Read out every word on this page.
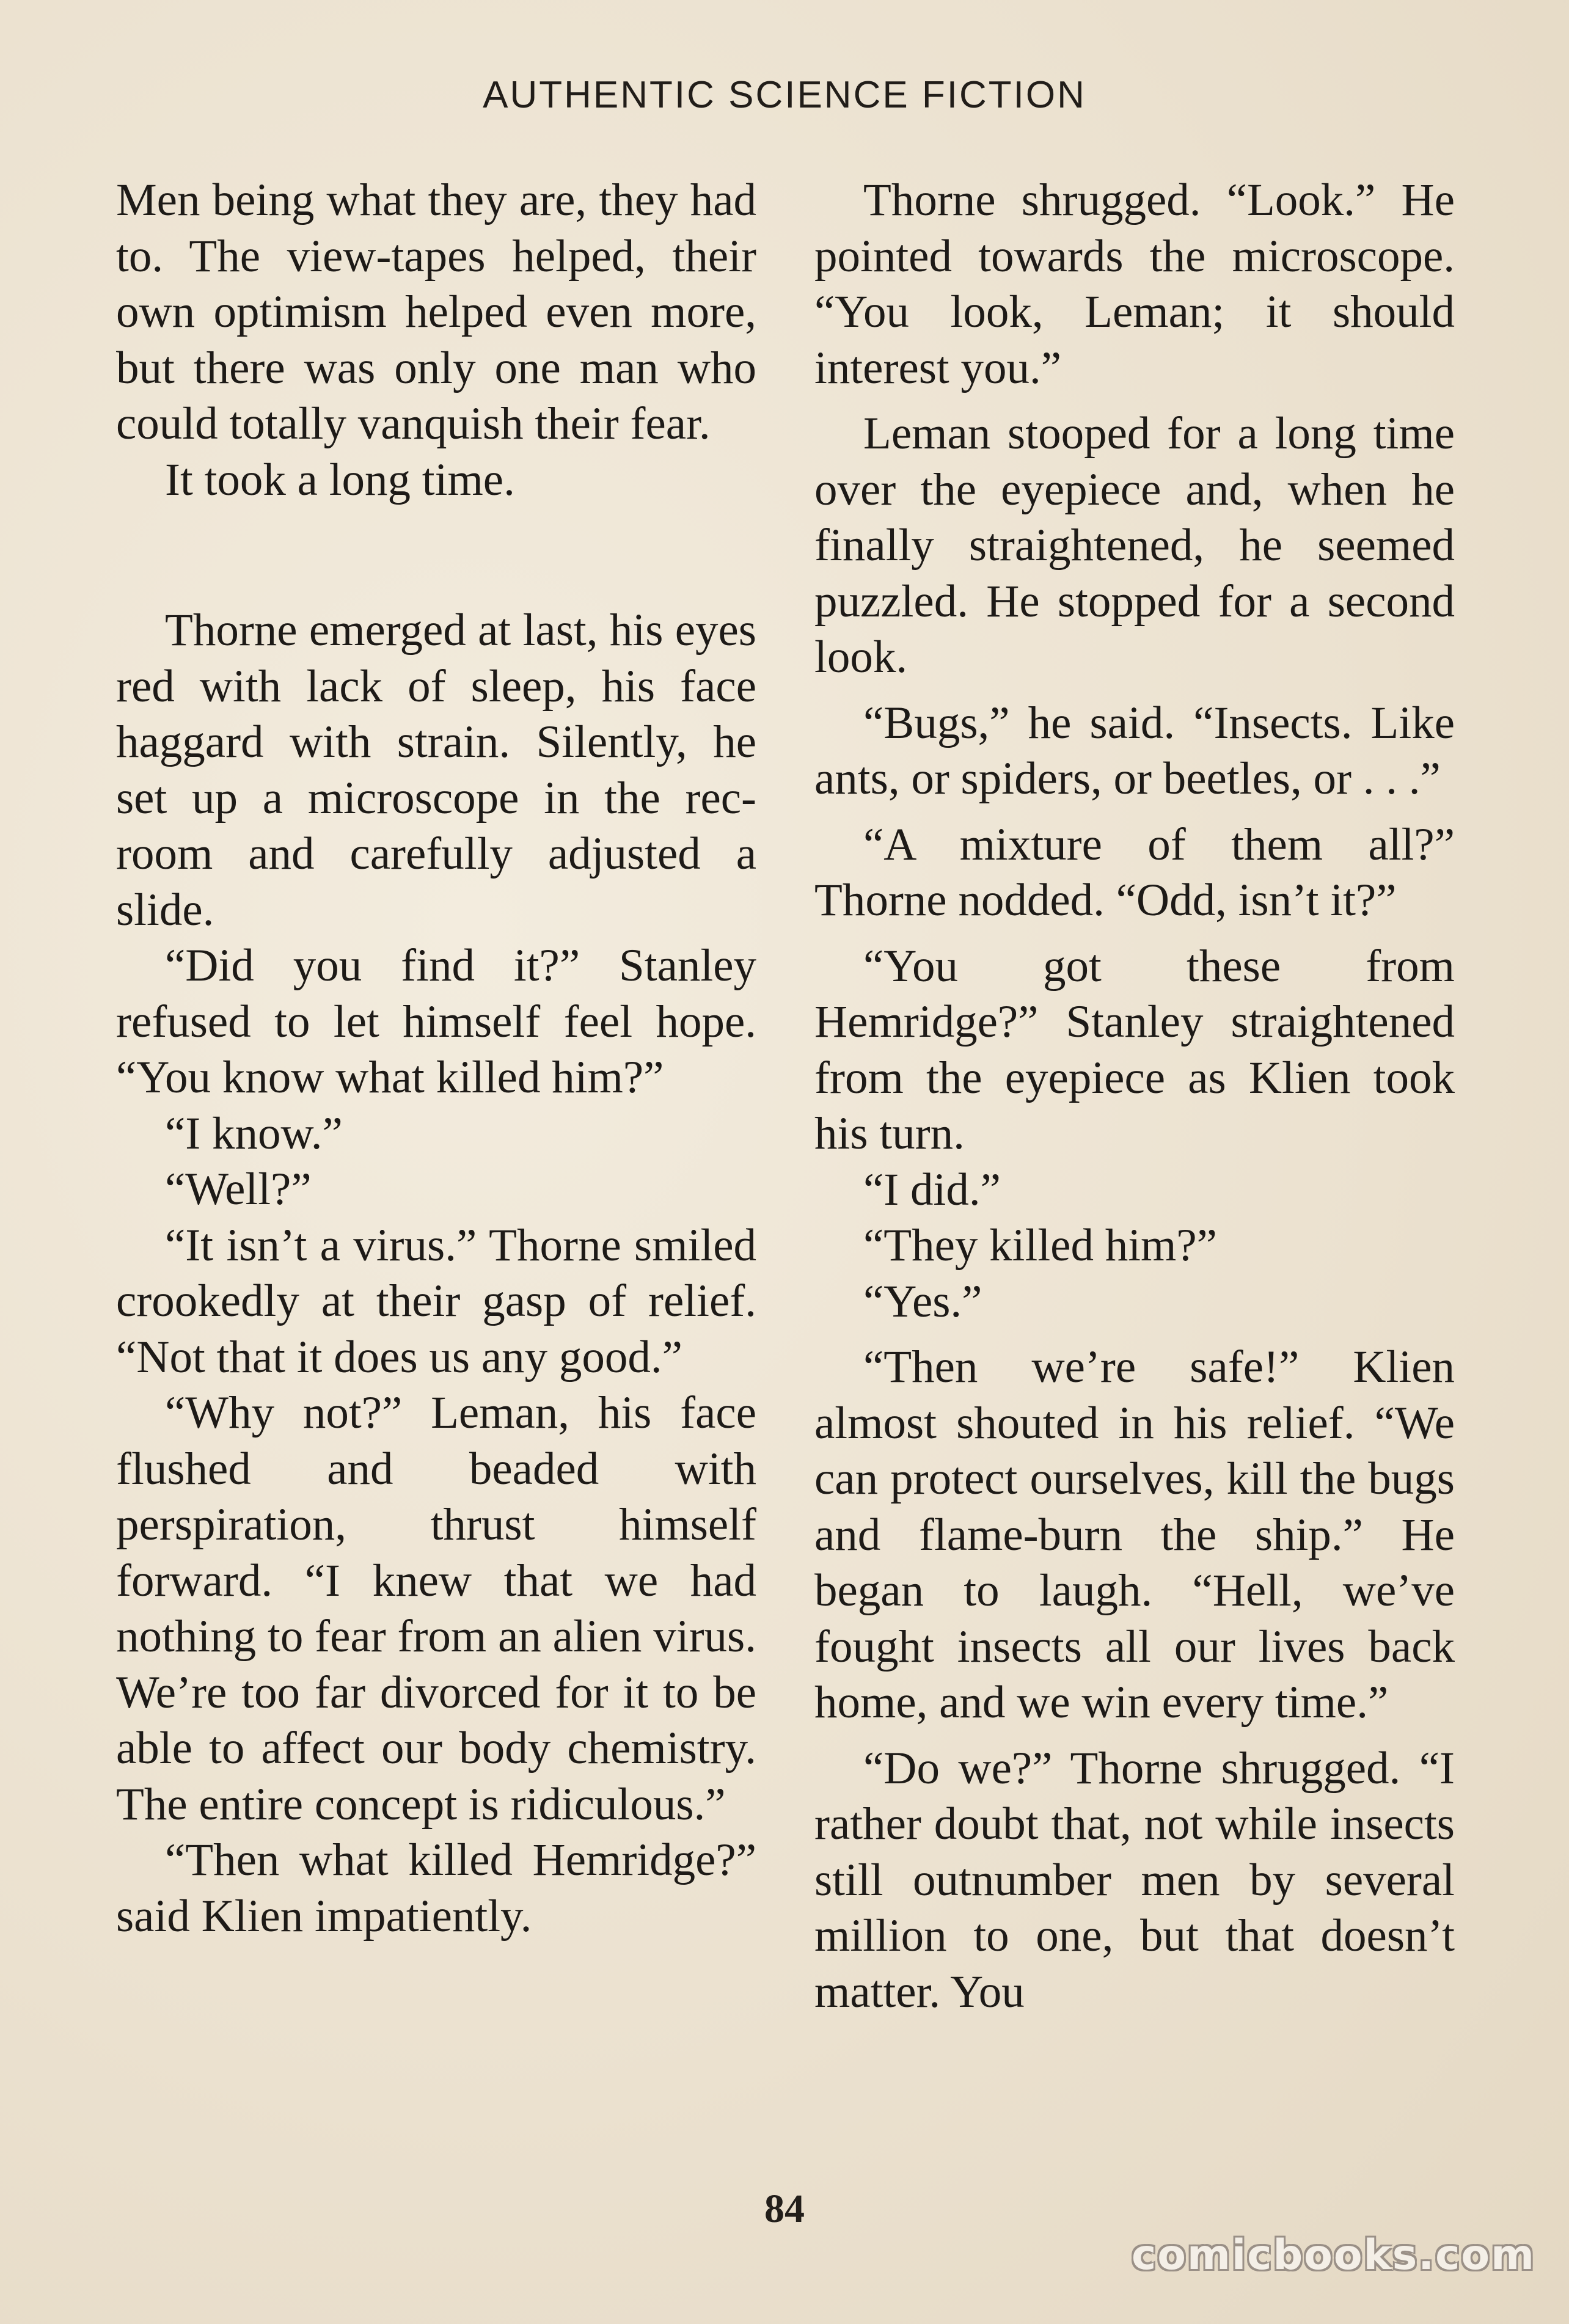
AUTHENTIC SCIENCE FICTION

Men being what they are, they had to. The view-tapes helped, their own optimism helped even more, but there was only one man who could totally vanquish their fear.

It took a long time.

Thorne emerged at last, his eyes red with lack of sleep, his face haggard with strain. Silently, he set up a microscope in the rec-room and carefully adjusted a slide.

“Did you find it?” Stanley refused to let himself feel hope. “You know what killed him?”

“I know.”

“Well?”

“It isn’t a virus.” Thorne smiled crookedly at their gasp of relief. “Not that it does us any good.”

“Why not?” Leman, his face flushed and beaded with perspiration, thrust himself forward. “I knew that we had nothing to fear from an alien virus. We’re too far divorced for it to be able to affect our body chemistry. The entire concept is ridiculous.”

“Then what killed Hemridge?” said Klien impatiently.

Thorne shrugged. “Look.” He pointed towards the microscope. “You look, Leman; it should interest you.”

Leman stooped for a long time over the eyepiece and, when he finally straightened, he seemed puzzled. He stopped for a second look.

“Bugs,” he said. “Insects. Like ants, or spiders, or beetles, or . . .”

“A mixture of them all?” Thorne nodded. “Odd, isn’t it?”

“You got these from Hemridge?” Stanley straightened from the eyepiece as Klien took his turn.

“I did.”

“They killed him?”

“Yes.”

“Then we’re safe!” Klien almost shouted in his relief. “We can protect ourselves, kill the bugs and flame-burn the ship.” He began to laugh. “Hell, we’ve fought insects all our lives back home, and we win every time.”

“Do we?” Thorne shrugged. “I rather doubt that, not while insects still outnumber men by several million to one, but that doesn’t matter. You

84
comicbooks.com
